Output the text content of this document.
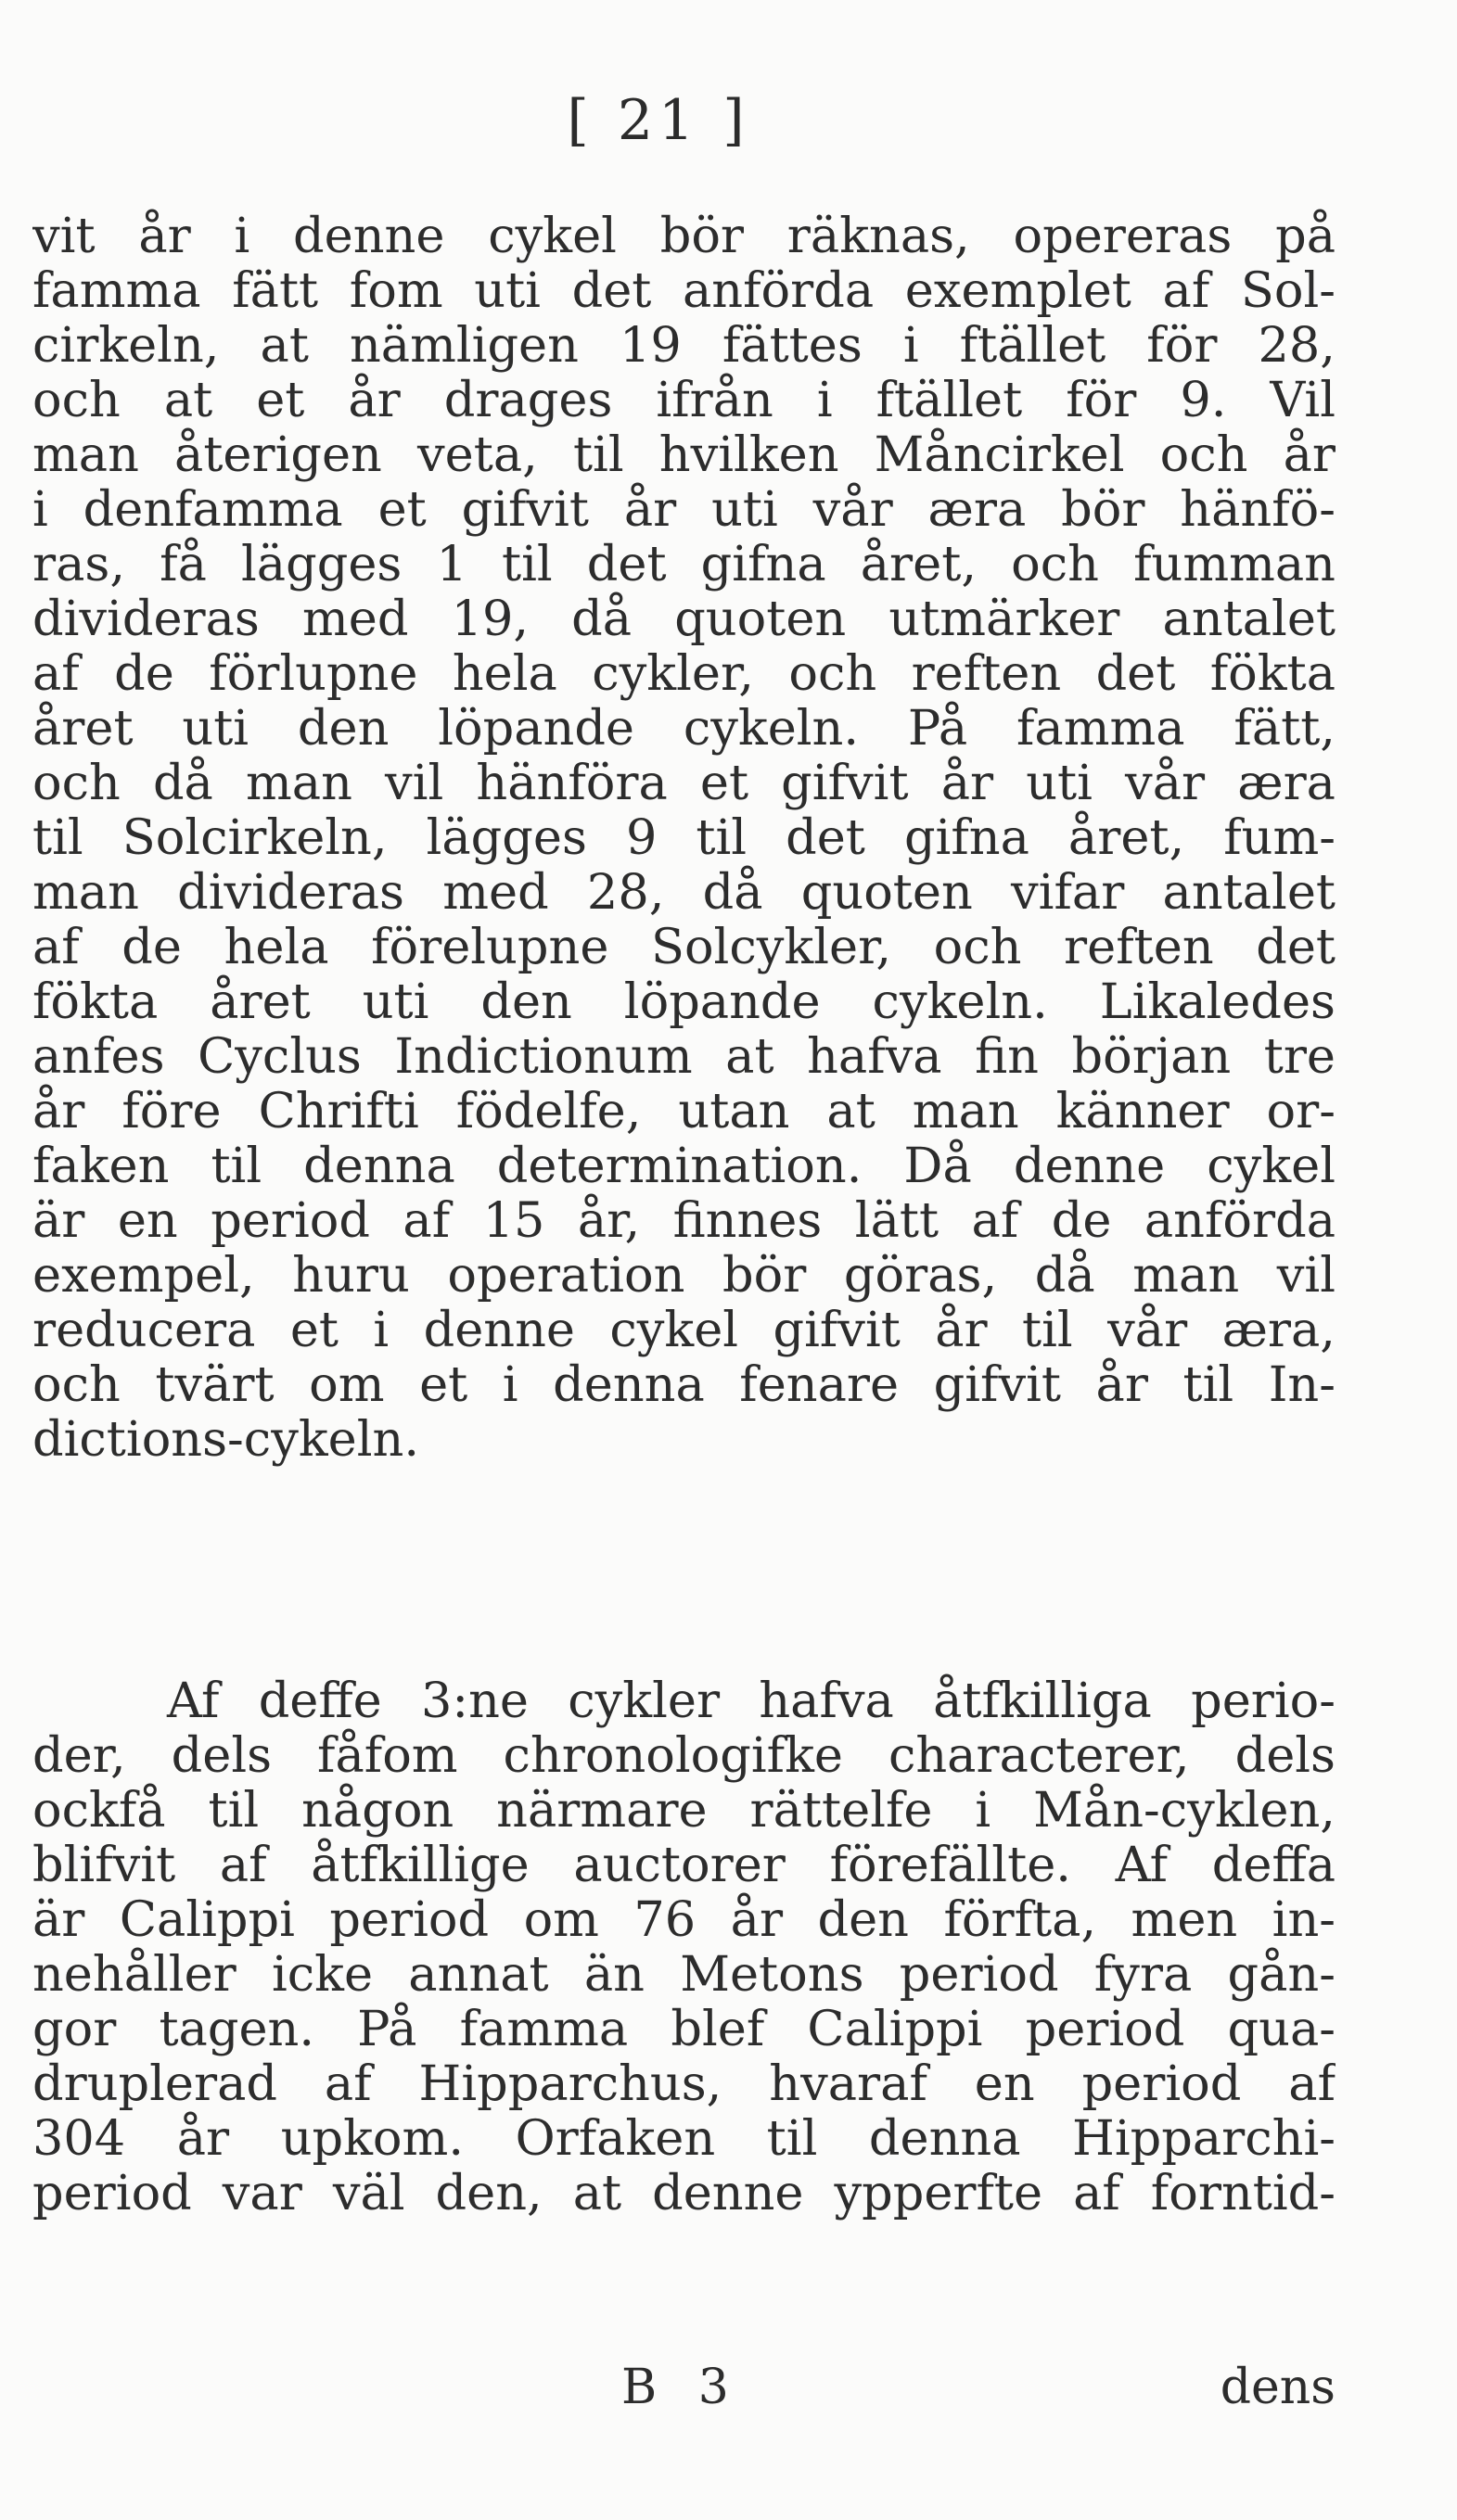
[ 21 ]
vit år i denne cykel bör räknas, opereras på
famma fätt fom uti det anförda exemplet af Sol-
cirkeln, at nämligen 19 fättes i ftället för 28,
och at et år drages ifrån i ftället för 9. Vil
man återigen veta, til hvilken Måncirkel och år
i denfamma et gifvit år uti vår æra bör hänfö-
ras, få lägges 1 til det gifna året, och fumman
divideras med 19, då quoten utmärker antalet
af de förlupne hela cykler, och reften det fökta
året uti den löpande cykeln. På famma fätt,
och då man vil hänföra et gifvit år uti vår æra
til Solcirkeln, lägges 9 til det gifna året, fum-
man divideras med 28, då quoten vifar antalet
af de hela förelupne Solcykler, och reften det
fökta året uti den löpande cykeln. Likaledes
anfes Cyclus Indictionum at hafva fin början tre
år före Chrifti födelfe, utan at man känner or-
faken til denna determination. Då denne cykel
är en period af 15 år, finnes lätt af de anförda
exempel, huru operation bör göras, då man vil
reducera et i denne cykel gifvit år til vår æra,
och tvärt om et i denna fenare gifvit år til In-
dictions-cykeln.
Af deffe 3:ne cykler hafva åtfkilliga perio-
der, dels fåfom chronologifke characterer, dels
ockfå til någon närmare rättelfe i Mån-cyklen,
blifvit af åtfkillige auctorer förefällte. Af deffa
är Calippi period om 76 år den förfta, men in-
nehåller icke annat än Metons period fyra gån-
gor tagen. På famma blef Calippi period qua-
druplerad af Hipparchus, hvaraf en period af
304 år upkom. Orfaken til denna Hipparchi-
period var väl den, at denne ypperfte af forntid-
B 3	dens
